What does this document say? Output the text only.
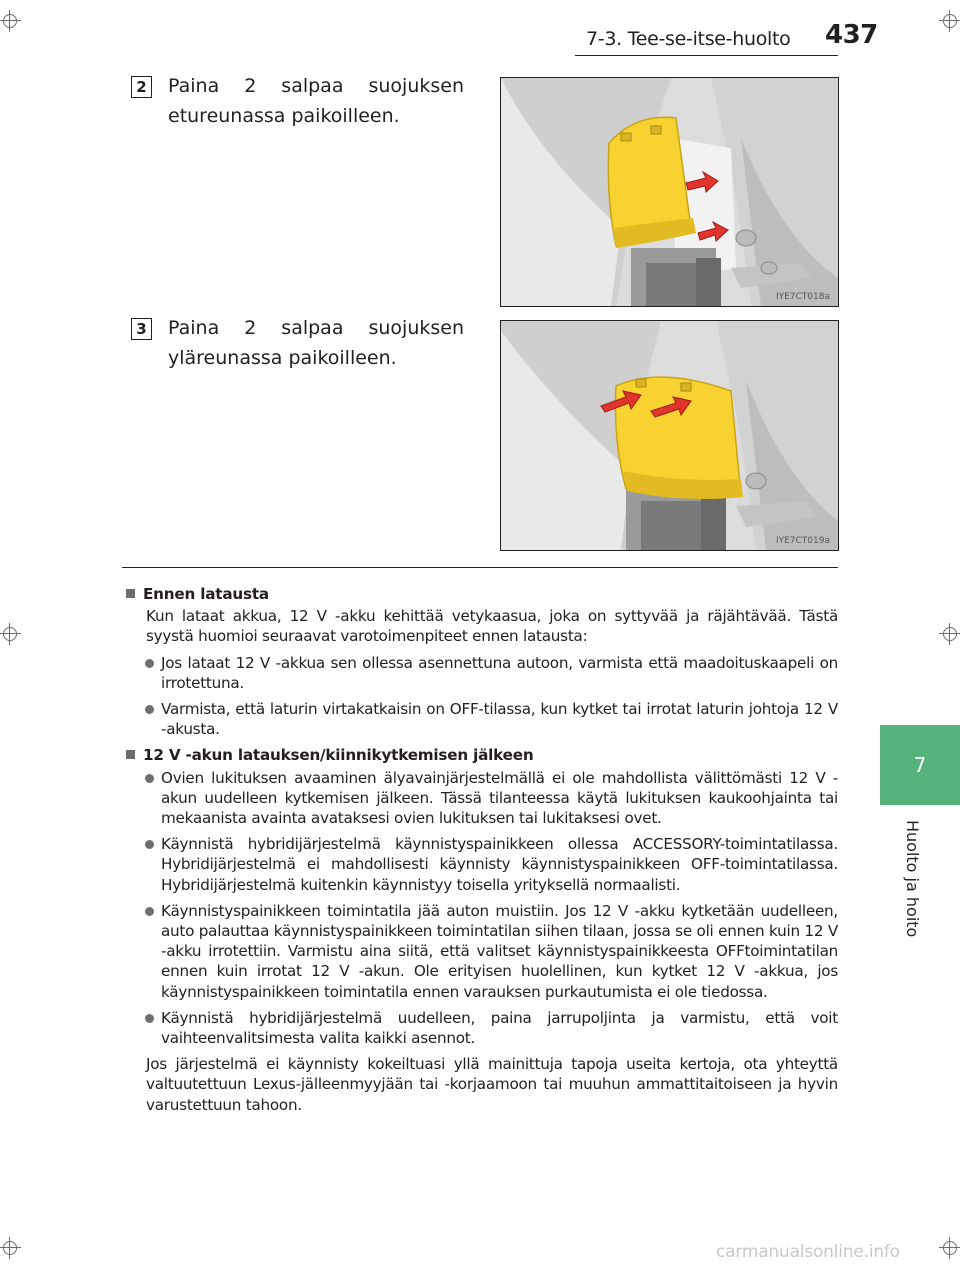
7-3. Tee-se-itse-huolto 437
7
Huolto ja hoito
2 Paina 2 salpaa suojuksen etureunassa paikoilleen.
IYE7CT018a
3 Paina 2 salpaa suojuksen yläreunassa paikoilleen.
IYE7CT019a
Ennen latausta
Kun lataat akkua, 12 V -akku kehittää vetykaasua, joka on syttyvää ja räjähtävää. Tästä syystä huomioi seuraavat varotoimenpiteet ennen latausta:
Jos lataat 12 V -akkua sen ollessa asennettuna autoon, varmista että maadoituskaapeli on irrotettuna.
Varmista, että laturin virtakatkaisin on OFF-tilassa, kun kytket tai irrotat laturin johtoja 12 V -akusta.
12 V -akun latauksen/kiinnikytkemisen jälkeen
Ovien lukituksen avaaminen älyavainjärjestelmällä ei ole mahdollista välittömästi 12 V -akun uudelleen kytkemisen jälkeen. Tässä tilanteessa käytä lukituksen kaukoohjainta tai mekaanista avainta avataksesi ovien lukituksen tai lukitaksesi ovet.
Käynnistä hybridijärjestelmä käynnistyspainikkeen ollessa ACCESSORY-toimintatilassa. Hybridijärjestelmä ei mahdollisesti käynnisty käynnistyspainikkeen OFF-toimintatilassa. Hybridijärjestelmä kuitenkin käynnistyy toisella yrityksellä normaalisti.
Käynnistyspainikkeen toimintatila jää auton muistiin. Jos 12 V -akku kytketään uudelleen, auto palauttaa käynnistyspainikkeen toimintatilan siihen tilaan, jossa se oli ennen kuin 12 V -akku irrotettiin. Varmistu aina siitä, että valitset käynnistyspainikkeesta OFFtoimintatilan ennen kuin irrotat 12 V -akun. Ole erityisen huolellinen, kun kytket 12 V -akkua, jos käynnistyspainikkeen toimintatila ennen varauksen purkautumista ei ole tiedossa.
Käynnistä hybridijärjestelmä uudelleen, paina jarrupoljinta ja varmistu, että voit vaihteenvalitsimesta valita kaikki asennot.
Jos järjestelmä ei käynnisty kokeiltuasi yllä mainittuja tapoja useita kertoja, ota yhteyttä valtuutettuun Lexus-jälleenmyyjään tai -korjaamoon tai muuhun ammattitaitoiseen ja hyvin varustettuun tahoon.
carmanualsonline.info
